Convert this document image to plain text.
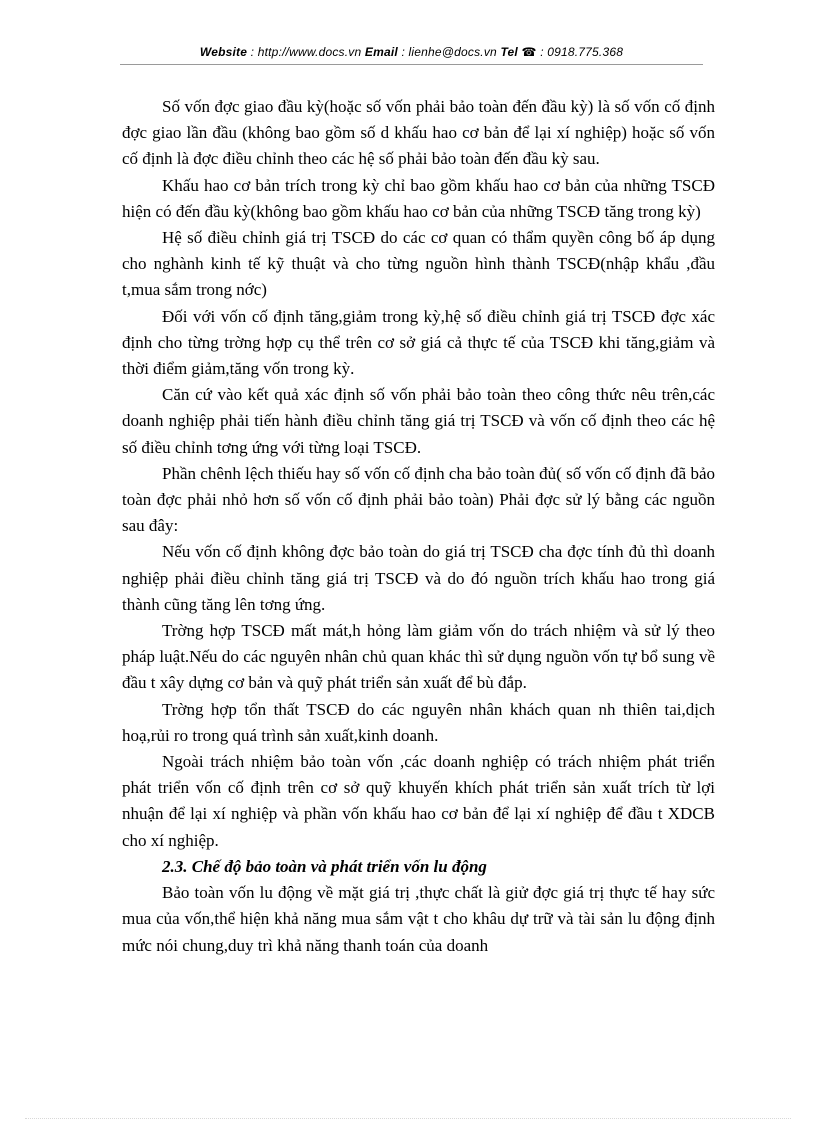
Website : http://www.docs.vn Email : lienhe@docs.vn Tel ☎ : 0918.775.368

Số vốn đợc giao đầu kỳ(hoặc số vốn phải bảo toàn đến đầu kỳ) là số vốn cố định đợc giao lần đầu (không bao gồm số d khấu hao cơ bản để lại xí nghiệp) hoặc số vốn cố định là đợc điều chỉnh theo các hệ số phải bảo toàn đến đầu kỳ sau.

Khấu hao cơ bản trích trong kỳ chỉ bao gồm khấu hao cơ bản của những TSCĐ hiện có đến đầu kỳ(không bao gồm khấu hao cơ bản của những TSCĐ tăng trong kỳ)

Hệ số điều chỉnh giá trị TSCĐ do các cơ quan có thẩm quyền công bố áp dụng cho nghành kinh tế kỹ thuật và cho từng nguồn hình thành TSCĐ(nhập khẩu ,đầu t,mua sắm trong nớc)

Đối với vốn cố định tăng,giảm trong kỳ,hệ số điều chỉnh giá trị TSCĐ đợc xác định cho từng trờng hợp cụ thể trên cơ sở giá cả thực tế của TSCĐ khi tăng,giảm và thời điểm giảm,tăng vốn trong kỳ.

Căn cứ vào kết quả xác định số vốn phải bảo toàn theo công thức nêu trên,các doanh nghiệp phải tiến hành điều chỉnh tăng giá trị TSCĐ và vốn cố định theo các hệ số điều chỉnh tơng ứng với từng loại TSCĐ.

Phần chênh lệch thiếu hay số vốn cố định cha bảo toàn đủ( số vốn cố định đã bảo toàn đợc phải nhỏ hơn số vốn cố định phải bảo toàn) Phải đợc sử lý bằng các nguồn sau đây:

Nếu vốn cố định không đợc bảo toàn do giá trị TSCĐ cha đợc tính đủ thì doanh nghiệp phải điều chỉnh tăng giá trị TSCĐ và do đó nguồn trích khấu hao trong giá thành cũng tăng lên tơng ứng.

Trờng hợp TSCĐ mất mát,h hỏng làm giảm vốn do trách nhiệm và sử lý theo pháp luật.Nếu do các nguyên nhân chủ quan khác thì sử dụng nguồn vốn tự bổ sung về đầu t xây dựng cơ bản và quỹ phát triển sản xuất để bù đắp.

Trờng hợp tổn thất TSCĐ do các nguyên nhân khách quan nh thiên tai,dịch hoạ,rủi ro trong quá trình sản xuất,kinh doanh.

Ngoài trách nhiệm bảo toàn vốn ,các doanh nghiệp có trách nhiệm phát triển phát triển vốn cố định trên cơ sở quỹ khuyến khích phát triển sản xuất trích từ lợi nhuận để lại xí nghiệp và phần vốn khấu hao cơ bản để lại xí nghiệp để đầu t XDCB cho xí nghiệp.

2.3. Chế độ bảo toàn và phát triển vốn lu động

Bảo toàn vốn lu động về mặt giá trị ,thực chất là giử đợc giá trị thực tế hay sức mua của vốn,thể hiện khả năng mua sắm vật t cho khâu dự trữ và tài sản lu động định mức nói chung,duy trì khả năng thanh toán của doanh
